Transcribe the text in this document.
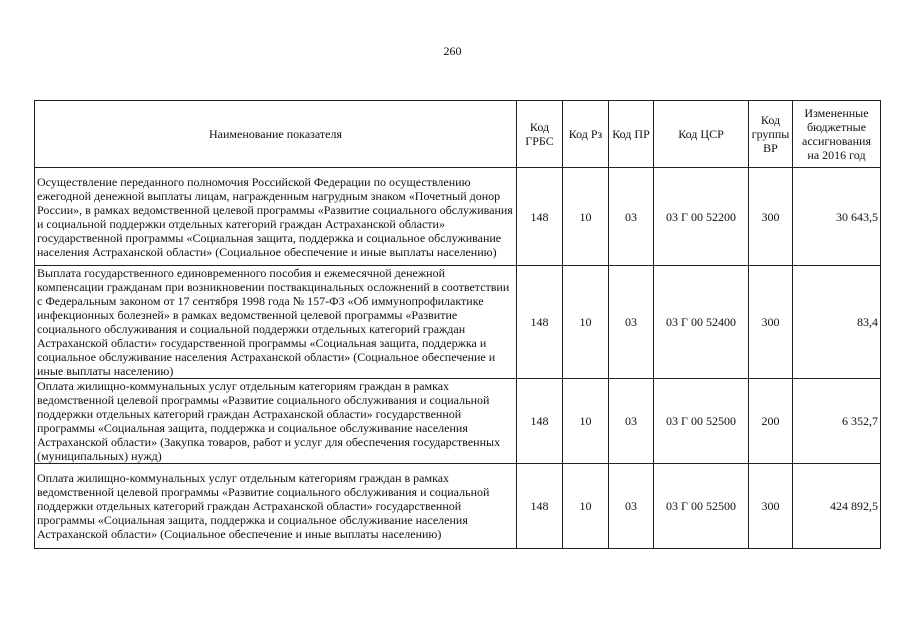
260
Наименование показателя	Код ГРБС	Код Рз	Код ПР	Код ЦСР	Код группы ВР	Измененные бюджетные ассигнования на 2016 год
Осуществление переданного полномочия Российской Федерации по осуществлению ежегодной денежной выплаты лицам, награжденным нагрудным знаком «Почетный донор России», в рамках ведомственной целевой программы «Развитие социального обслуживания и социальной поддержки отдельных категорий граждан Астраханской области» государственной программы «Социальная защита, поддержка и социальное обслуживание населения Астраханской области» (Социальное обеспечение и иные выплаты населению)	148	10	03	03 Г 00 52200	300	30 643,5
Выплата государственного единовременного пособия и ежемесячной денежной компенсации гражданам при возникновении поствакцинальных осложнений в соответствии с Федеральным законом от 17 сентября 1998 года № 157-ФЗ «Об иммунопрофилактике инфекционных болезней» в рамках ведомственной целевой программы «Развитие социального обслуживания и социальной поддержки отдельных категорий граждан Астраханской области» государственной программы «Социальная защита, поддержка и социальное обслуживание населения Астраханской области» (Социальное обеспечение и иные выплаты населению)	148	10	03	03 Г 00 52400	300	83,4
Оплата жилищно-коммунальных услуг отдельным категориям граждан в рамках ведомственной целевой программы «Развитие социального обслуживания и социальной поддержки отдельных категорий граждан Астраханской области» государственной программы «Социальная защита, поддержка и социальное обслуживание населения Астраханской области» (Закупка товаров, работ и услуг для обеспечения государственных (муниципальных) нужд)	148	10	03	03 Г 00 52500	200	6 352,7
Оплата жилищно-коммунальных услуг отдельным категориям граждан в рамках ведомственной целевой программы «Развитие социального обслуживания и социальной поддержки отдельных категорий граждан Астраханской области» государственной программы «Социальная защита, поддержка и социальное обслуживание населения Астраханской области» (Социальное обеспечение и иные выплаты населению)	148	10	03	03 Г 00 52500	300	424 892,5
